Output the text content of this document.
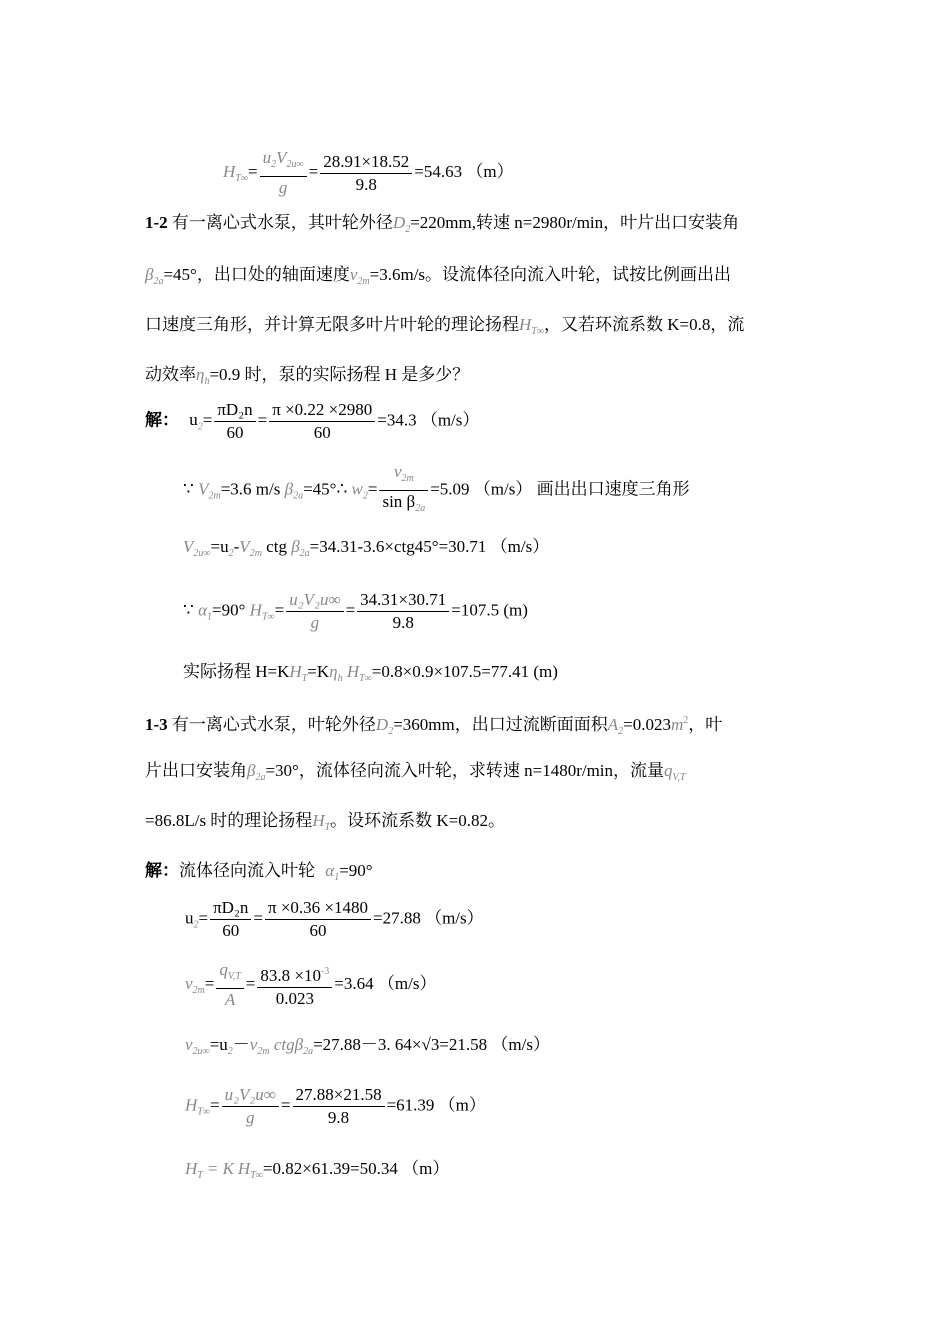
$H_{T\infty}= \frac{u_2V_{2u\infty}}{g} = \frac{28.91\times 18.52}{9.8} =54.63$ （m）
1-2 有一离心式水泵，其叶轮外径$D_2=220mm$,转速 n=2980r/min，叶片出口安装角
$\beta_{2a}=45^\circ$，出口处的轴面速度$v_{2m}=3.6m/s$。设流体径向流入叶轮，试按比例画出出
口速度三角形，并计算无限多叶片叶轮的理论扬程$H_{T\infty}$，又若环流系数 K=0.8，流
动效率$\eta_h=0.9$ 时，泵的实际扬程 H 是多少？
解： $u_2= \frac{\text{πD₂n}}{60} = \frac{\pi \times 0.22 \times 2980}{60} =34.3$ （m/s）
∵ $V_{2m}=3.6$ m/s $\beta_{2a}=45^\circ\therefore$ $w_2= \frac{v_{2m}}{\sin \beta_{2a}} =5.09$ （m/s） 画出出口速度三角形
$V_{2u\infty}=u_2-V_{2m}$ ctg $\beta_{2a}=34.31-3.6\times ctg45^\circ=30.71$ （m/s）
∵ $\alpha_1=90^\circ$ $H_{T\infty}= \frac{\text{u₂V₂u∞}}{g} = \frac{34.31\times 30.71}{9.8} =107.5$ (m)
实际扬程 $H=KH_T=K\eta_h$ $H_{T\infty}=0.8\times 0.9\times 107.5=77.41$ (m)
1-3 有一离心式水泵，叶轮外径$D_2=360mm$，出口过流断面面积$A_2=0.023m^2$，叶
片出口安装角$\beta_{2a}=30^\circ$，流体径向流入叶轮，求转速 n=1480r/min，流量$q_{V,T}$
=86.8L/s 时的理论扬程$H_T$。设环流系数 K=0.82。
解：流体径向流入叶轮 $\alpha_1=90^\circ$
$u_2= \frac{\text{πD₂n}}{60} = \frac{\pi \times 0.36 \times 1480}{60} =27.88$ （m/s）
$v_{2m}= \frac{q_{V,T}}{A} = \frac{83.8 \times 10^{-3}}{0.023} =3.64$ （m/s）
$v_{2u\infty}=u_2-v_{2m}$ ctgβ$_{2a}$=27.88－3. 64×√3=21.58 （m/s）
$H_{T\infty}= \frac{\text{u₂V₂u∞}}{g} = \frac{27.88\times 21.58}{9.8} =61.39$ （m）
$H_T = K$ $H_{T\infty}=0.82\times 61.39=50.34$ （m）
